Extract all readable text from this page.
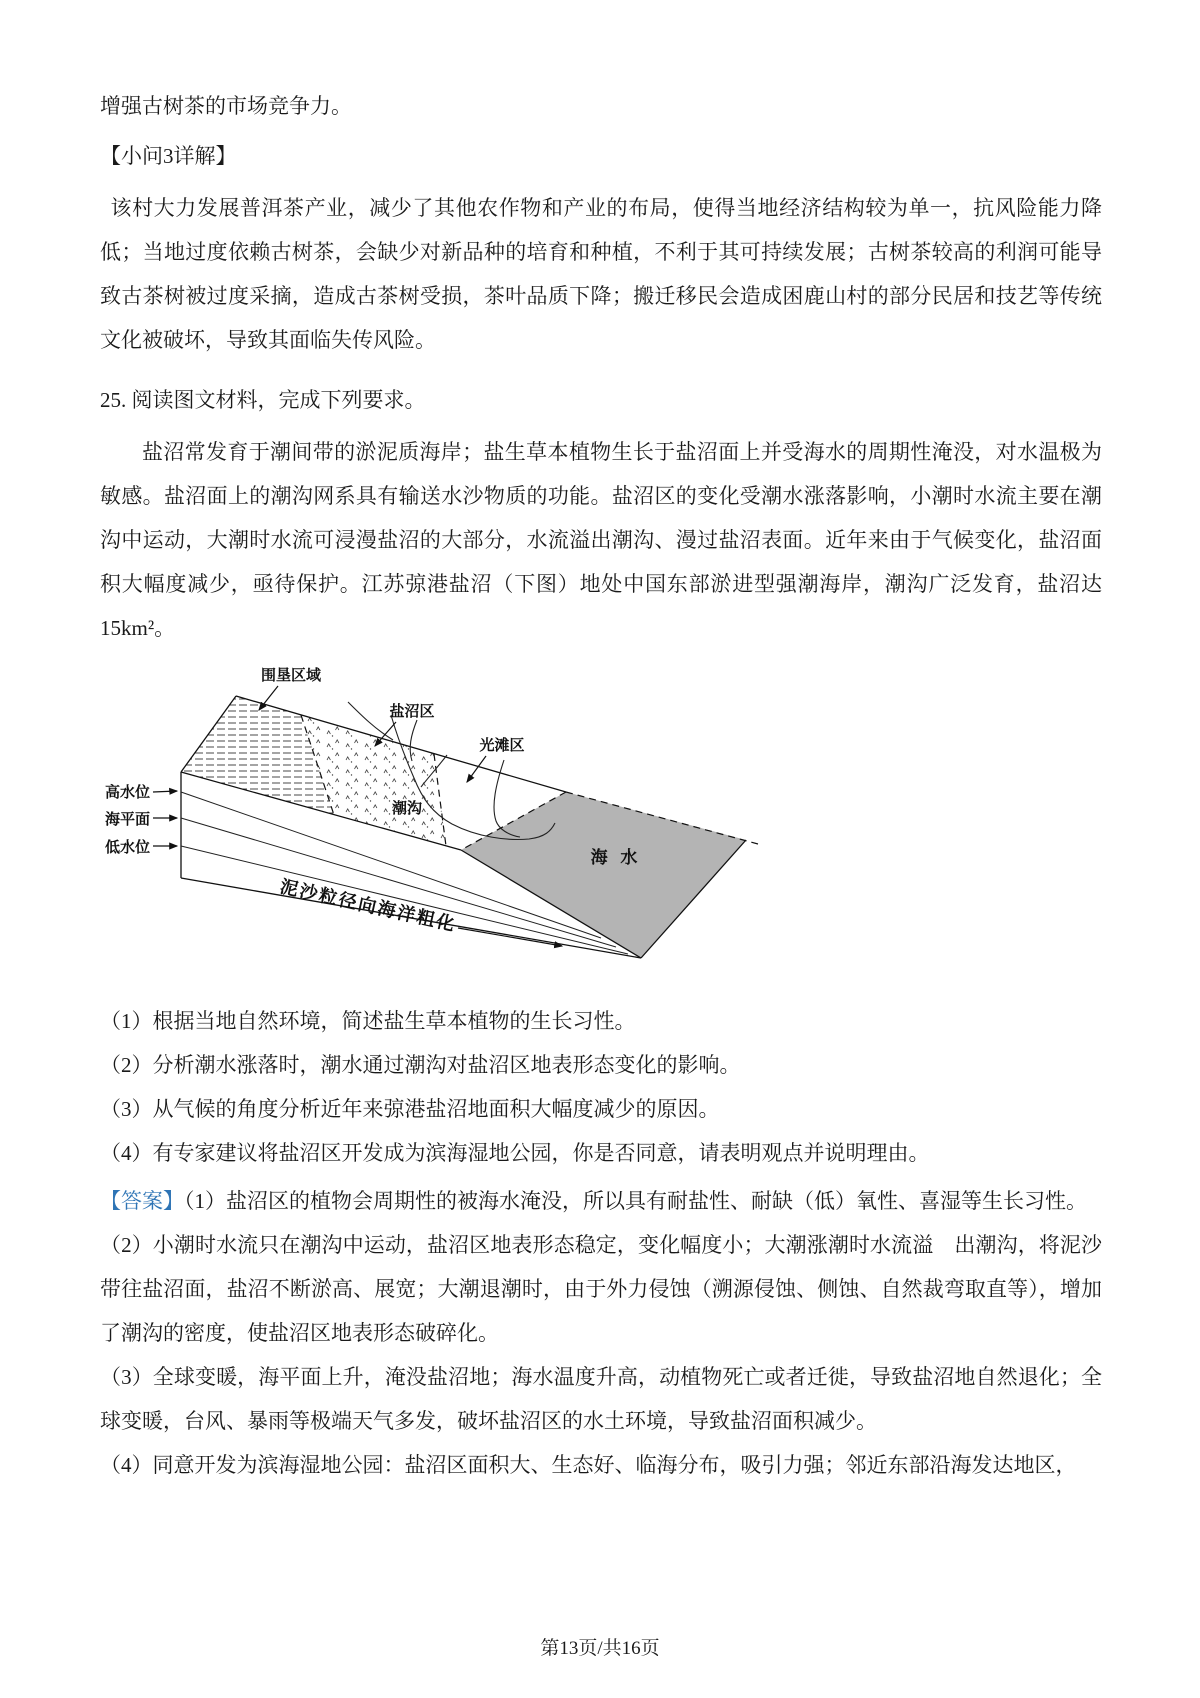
增强古树茶的市场竞争力。

【小问3详解】

该村大力发展普洱茶产业，减少了其他农作物和产业的布局，使得当地经济结构较为单一，抗风险能力降低；当地过度依赖古树茶，会缺少对新品种的培育和种植，不利于其可持续发展；古树茶较高的利润可能导致古茶树被过度采摘，造成古茶树受损，茶叶品质下降；搬迁移民会造成困鹿山村的部分民居和技艺等传统文化被破坏，导致其面临失传风险。

25. 阅读图文材料，完成下列要求。

盐沼常发育于潮间带的淤泥质海岸；盐生草本植物生长于盐沼面上并受海水的周期性淹没，对水温极为敏感。盐沼面上的潮沟网系具有输送水沙物质的功能。盐沼区的变化受潮水涨落影响，小潮时水流主要在潮沟中运动，大潮时水流可浸漫盐沼的大部分，水流溢出潮沟、漫过盐沼表面。近年来由于气候变化，盐沼面积大幅度减少，亟待保护。江苏弶港盐沼（下图）地处中国东部淤进型强潮海岸，潮沟广泛发育，盐沼达 15km²。

围垦区域
盐沼区
光滩区
高水位
海平面
低水位
潮沟
海 水
泥沙粒径向海洋粗化

（1）根据当地自然环境，简述盐生草本植物的生长习性。

（2）分析潮水涨落时，潮水通过潮沟对盐沼区地表形态变化的影响。

（3）从气候的角度分析近年来弶港盐沼地面积大幅度减少的原因。

（4）有专家建议将盐沼区开发成为滨海湿地公园，你是否同意，请表明观点并说明理由。

【答案】（1）盐沼区的植物会周期性的被海水淹没，所以具有耐盐性、耐缺（低）氧性、喜湿等生长习性。

（2）小潮时水流只在潮沟中运动，盐沼区地表形态稳定，变化幅度小；大潮涨潮时水流溢　出潮沟，将泥沙带往盐沼面，盐沼不断淤高、展宽；大潮退潮时，由于外力侵蚀（溯源侵蚀、侧蚀、自然裁弯取直等），增加了潮沟的密度，使盐沼区地表形态破碎化。

（3）全球变暖，海平面上升，淹没盐沼地；海水温度升高，动植物死亡或者迁徙，导致盐沼地自然退化；全球变暖，台风、暴雨等极端天气多发，破坏盐沼区的水土环境，导致盐沼面积减少。

（4）同意开发为滨海湿地公园：盐沼区面积大、生态好、临海分布，吸引力强；邻近东部沿海发达地区，

第13页/共16页
